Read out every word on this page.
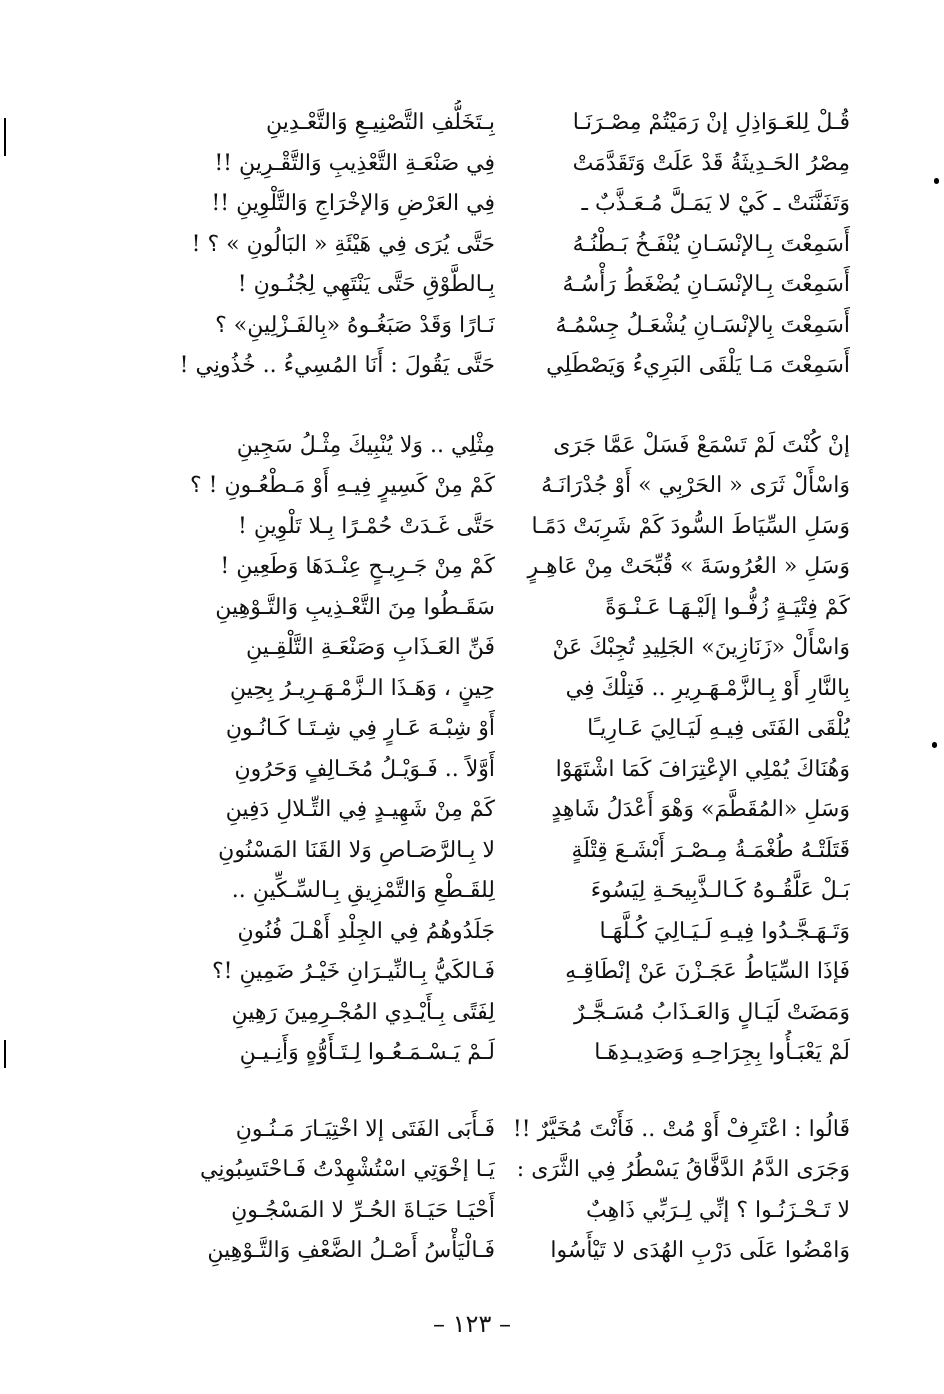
قُـلْ لِلعَـوَاذِلِ إنْ رَمَيْتُمْ مِصْـرَنَـا
مِصْرُ الحَـدِيثَةُ قَدْ عَلَتْ وَتَقَدَّمَتْ
وَتَفَنَّنَتْ ـ كَيْ لا يَمَـلَّ مُـعَـذَّبٌ ـ
أَسَمِعْتَ بِـالإنْسَـانِ يُنْفَـخُ بَـطْنُـهُ
أَسَمِعْتَ بِـالإنْسَـانِ يُضْغَطُ رَأْسُـهُ
أَسَمِعْتَ بِالإنْسَـانِ يُشْعَـلُ جِسْمُـهُ
أَسَمِعْتَ مَـا يَلْقَى البَرِيءُ وَيَصْطَلِي
إنْ كُنْتَ لَمْ تَسْمَعْ فَسَلْ عَمَّا جَرَى
وَاسْأَلْ ثَرَى « الحَرْبِي » أَوْ جُدْرَانَـهُ
وَسَلِ السِّيَاطَ السُّودَ كَمْ شَرِبَتْ دَمًـا
وَسَلِ « العُرُوسَةَ » قُبِّحَتْ مِنْ عَاهِـرٍ
كَمْ فِتْيَـةٍ زُفُّـوا إلَيْـهَـا عَـنْـوَةً
وَاسْأَلْ «زَنَازِينَ» الجَلِيدِ تُجِبْكَ عَنْ
بِالنَّارِ أَوْ بِـالزَّمْـهَـرِيرِ .. فَتِلْكَ فِي
يُلْقَى الفَتَى فِيـهِ لَيَـالِيَ عَـارِيـًا
وَهُنَاكَ يُمْلِي الإعْتِرَافَ كَمَا اشْتَهَوْا
وَسَلِ «المُقَطَّمَ» وَهْوَ أَعْدَلُ شَاهِدٍ
قَتَلَتْـهُ طُغْمَـةُ مِـصْـرَ أَبْشَـعَ قِتْلَةٍ
بَـلْ عَلَّقُـوهُ كَـالـذَّبِيحَـةِ لِيَسُوءَ
وَتَـهَـجَّـدُوا فِيـهِ لَـيَـالِيَ كُـلَّهَـا
فَإذَا السِّيَاطُ عَجَـزْنَ عَنْ إنْطَاقِـهِ
وَمَضَتْ لَيَـالٍ وَالعَـذَابُ مُسَـجَّـرٌ
لَمْ يَعْبَـأُوا بِجِرَاحِـهِ وَصَدِيـدِهَـا
قَالُوا : اعْتَرِفْ أَوْ مُتْ .. فَأَنْتَ مُخَيَّرٌ !!
وَجَرَى الدَّمُ الدَّفَّاقُ يَسْطُرُ فِي الثَّرَى :
لا تَـحْـزَنُـوا ؟ إنِّي لِـرَبِّي ذَاهِبٌ
وَامْضُوا عَلَى دَرْبِ الهُدَى لا تَيْأَسُوا
بِـتَخَلُّفِ التَّصْنِيـعِ وَالتَّعْـدِينِ
فِي صَنْعَـةِ التَّعْذِيبِ وَالتَّقْـرِينِ !!
فِي العَرْضِ وَالإخْرَاجِ وَالتَّلْوِينِ !!
حَتَّى يُرَى فِي هَيْئَةِ « البَالُونِ » ؟ !
بِـالطَّوْقِ حَتَّى يَنْتَهِي لِجُنُـونِ !
نَـارًا وَقَدْ صَبَغُـوهُ «بِالفَـزْلِينِ» ؟
حَتَّى يَقُولَ : أَنَا المُسِيءُ .. خُذُونِي !
مِثْلِي .. وَلا يُنْبِيكَ مِثْـلُ سَجِينِ
كَمْ مِنْ كَسِيرٍ فِيـهِ أَوْ مَـطْعُـونِ ! ؟
حَتَّى غَـدَتْ حُمْـرًا بِـلا تَلْوِينِ !
كَمْ مِنْ جَـرِيـحٍ عِنْـدَهَا وَطَعِينِ !
سَقَـطُوا مِنَ التَّعْـذِيبِ وَالتَّـوْهِينِ
فَنِّ العَـذَابِ وَصَنْعَـةِ التَّلْقِـينِ
حِينٍ ، وَهَـذَا الـزَّمْـهَـرِيـرُ بِحِينِ
أَوْ شِبْـهَ عَـارٍ فِي شِـتَـا كَـانُـونِ
أَوَّلاً .. فَـوَيْـلُ مُخَـالِفٍ وَحَرُونِ
كَمْ مِنْ شَهِيـدٍ فِي التِّـلالِ دَفِينِ
لا بِـالرَّصَـاصِ وَلا القَنَا المَسْنُونِ
لِلقَـطْعِ وَالتَّمْزِيقِ بِـالسِّـكِّينِ ..
جَلَدُوهُمُ فِي الجِلْدِ أَهْـلَ فُنُونِ
فَـالكَيُّ بِـالنِّيـرَانِ خَيْـرُ ضَمِينِ !؟
لِفَتًى بِـأَيْـدِي المُجْـرِمِينَ رَهِينِ
لَـمْ يَـسْـمَـعُـوا لِـتَـأَوُّهٍ وَأَنِـيـنِ
فَـأَبَى الفَتَى إلا اخْتِيَـارَ مَـنُـونِ
يَـا إخْوَتِي اسْتُشْهِدْتُ فَـاحْتَسِبُونِي
أَحْيَـا حَيَـاةَ الحُـرِّ لا المَسْجُـونِ
فَـالْيَأْسُ أَصْـلُ الضَّعْفِ وَالتَّـوْهِينِ
– ١٢٣ –
